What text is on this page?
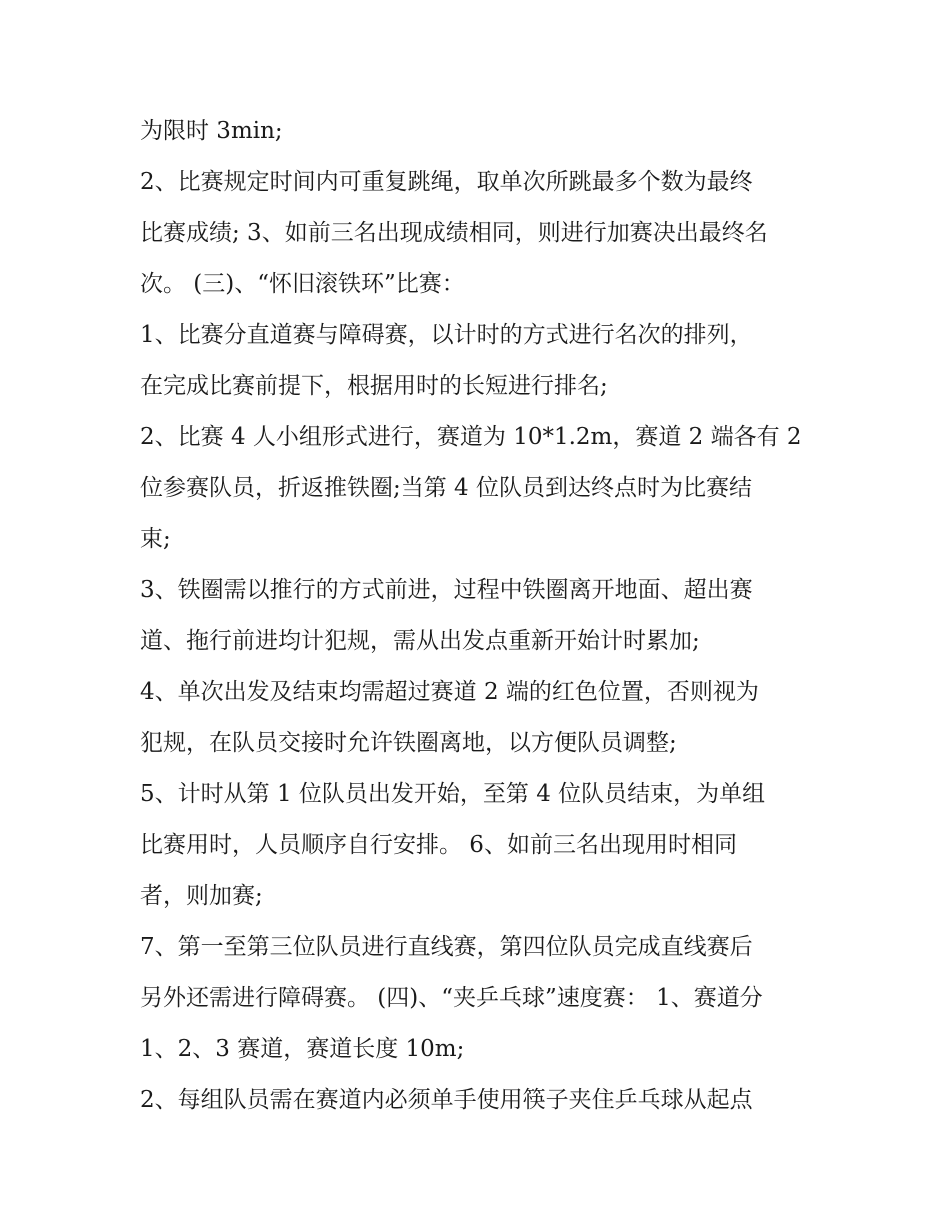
为限时 3min;
2、比赛规定时间内可重复跳绳，取单次所跳最多个数为最终
比赛成绩; 3、如前三名出现成绩相同，则进行加赛决出最终名
次。 (三)、“怀旧滚铁环”比赛：
1、比赛分直道赛与障碍赛，以计时的方式进行名次的排列，
在完成比赛前提下，根据用时的长短进行排名;
2、比赛 4 人小组形式进行，赛道为 10*1.2m，赛道 2 端各有 2
位参赛队员，折返推铁圈;当第 4 位队员到达终点时为比赛结
束;
3、铁圈需以推行的方式前进，过程中铁圈离开地面、超出赛
道、拖行前进均计犯规，需从出发点重新开始计时累加;
4、单次出发及结束均需超过赛道 2 端的红色位置，否则视为
犯规，在队员交接时允许铁圈离地，以方便队员调整;
5、计时从第 1 位队员出发开始，至第 4 位队员结束，为单组
比赛用时，人员顺序自行安排。 6、如前三名出现用时相同
者，则加赛;
7、第一至第三位队员进行直线赛，第四位队员完成直线赛后
另外还需进行障碍赛。 (四)、“夹乒乓球”速度赛： 1、赛道分
1、2、3 赛道，赛道长度 10m;
2、每组队员需在赛道内必须单手使用筷子夹住乒乓球从起点
